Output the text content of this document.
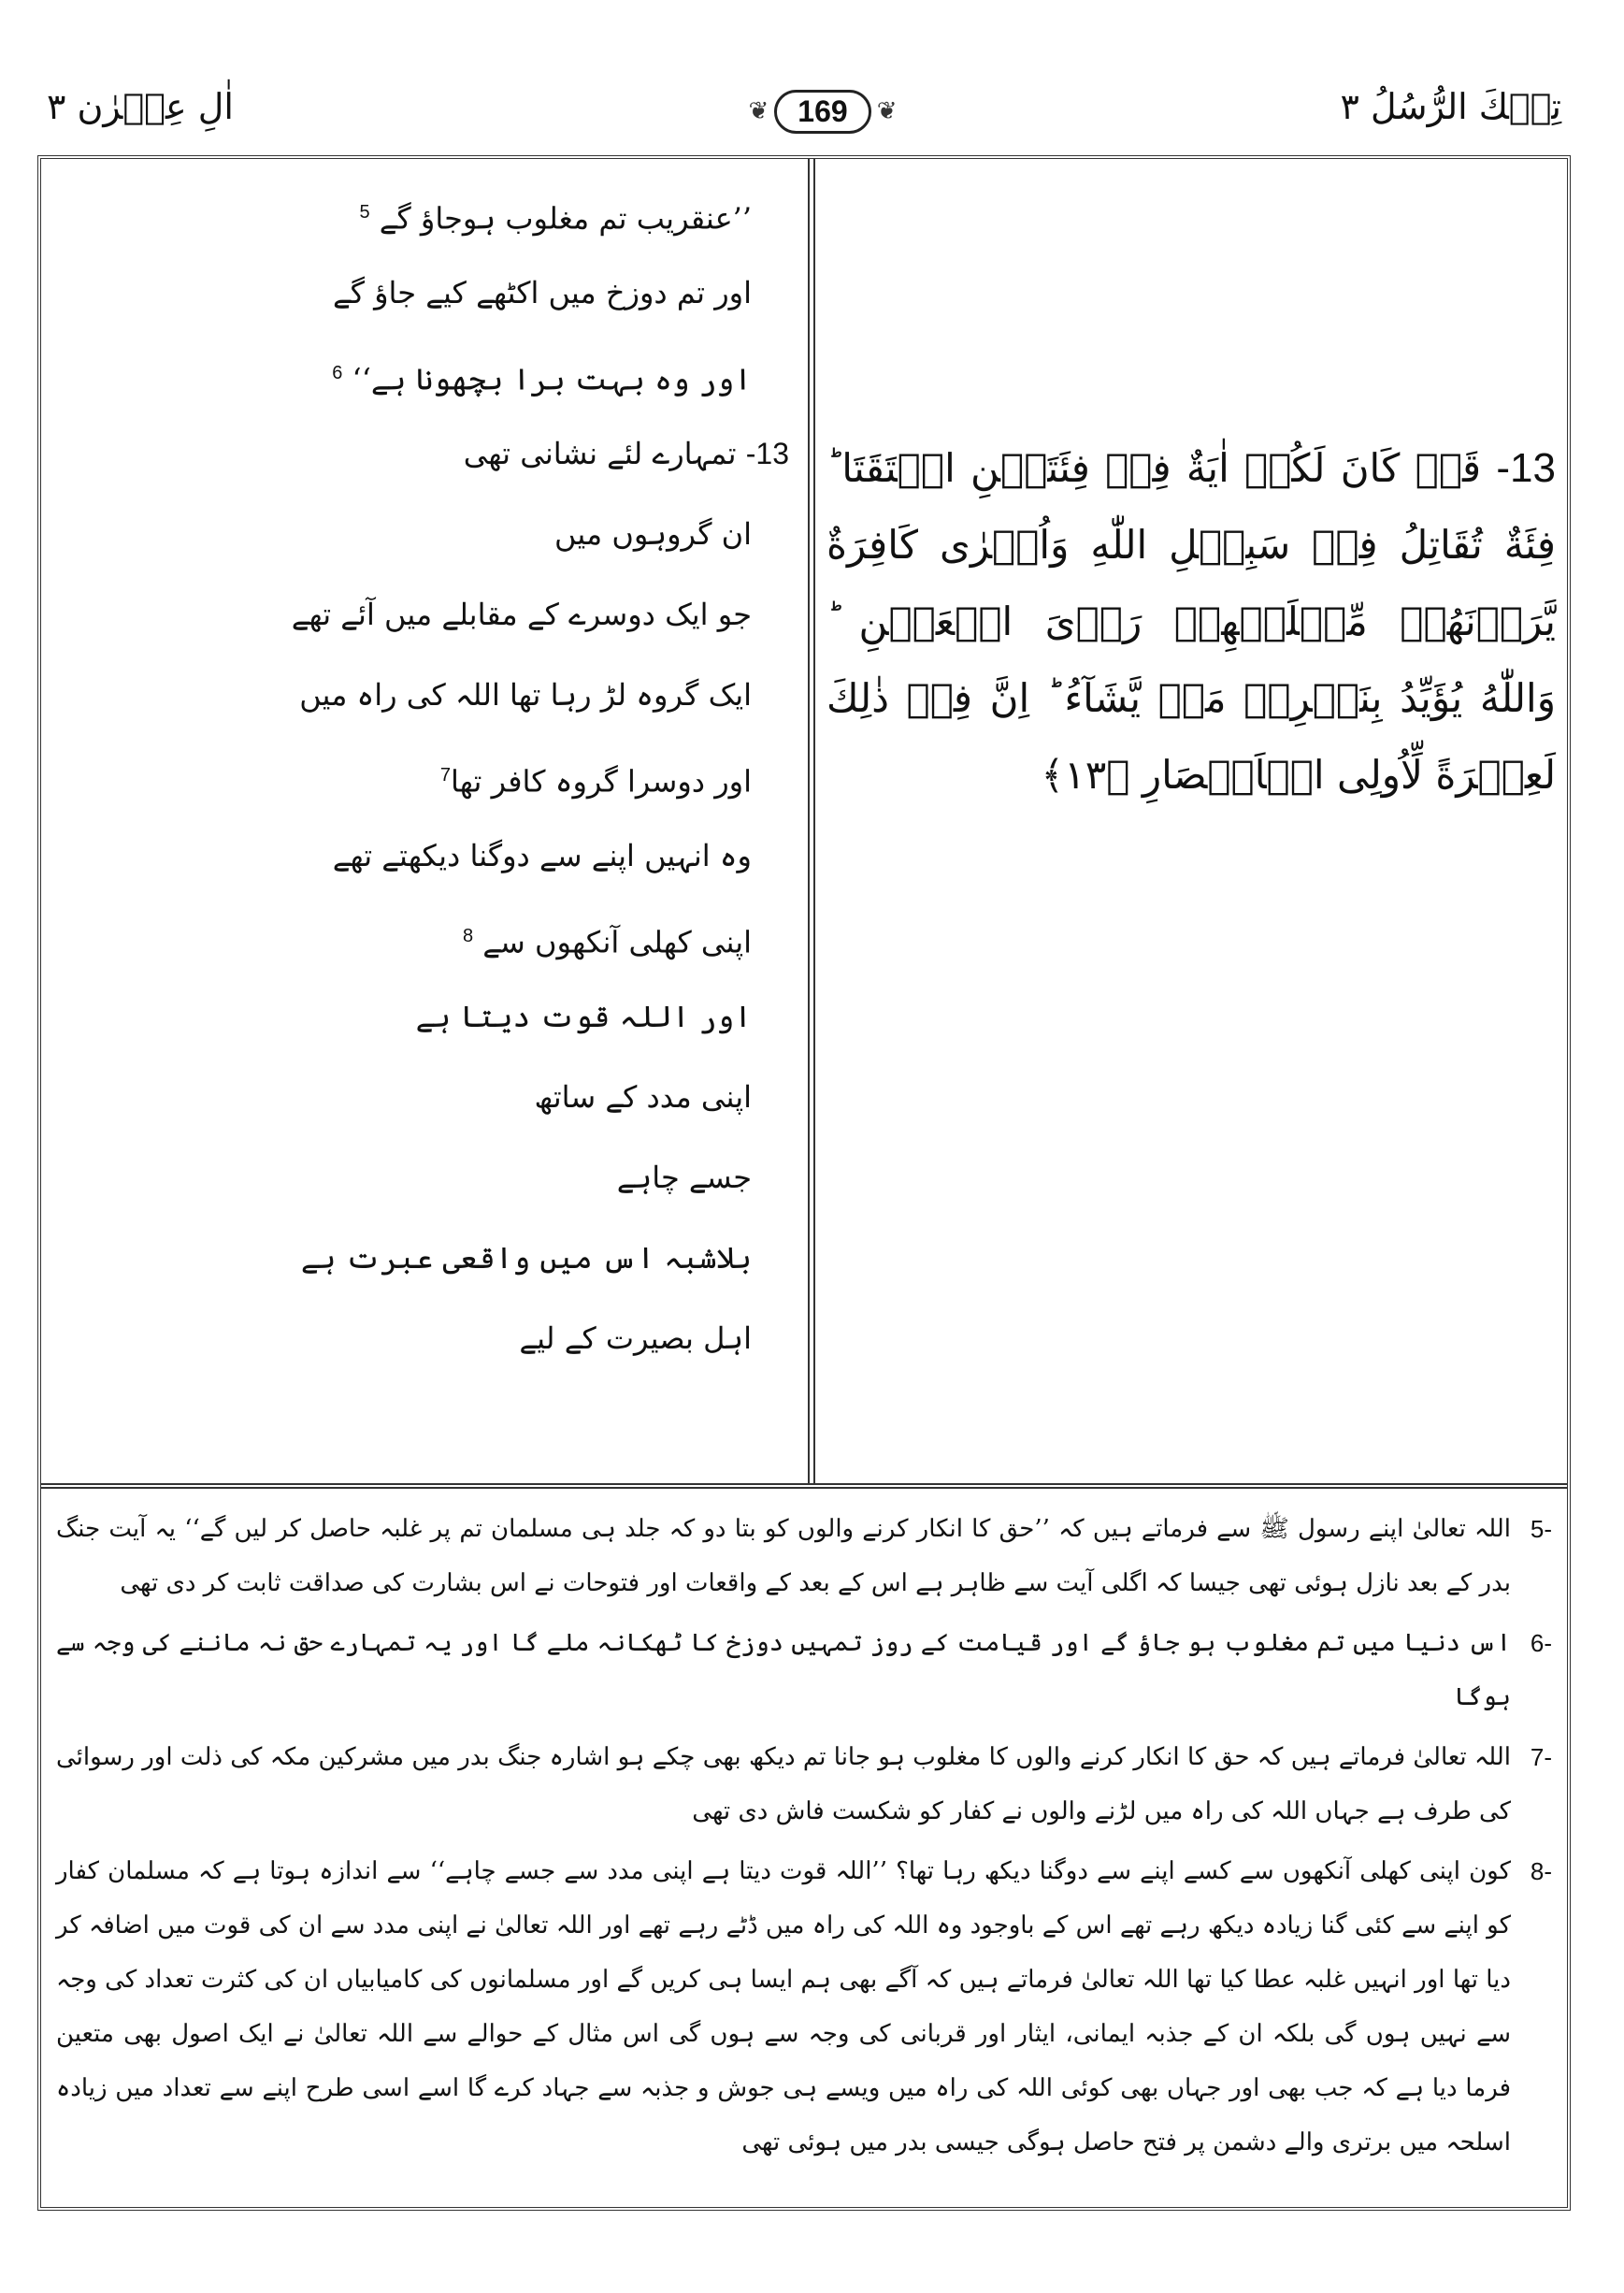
تِلۡكَ الرُّسُلُ ۳
❦ 169	❦
اٰلِ عِمۡرٰن ۳
13- قَدۡ كَانَ لَكُمۡ اٰيَةٌ فِىۡ فِئَتَيۡنِ الۡتَقَتَا ؕ فِئَةٌ تُقَاتِلُ فِىۡ سَبِيۡلِ اللّٰهِ وَاُخۡرٰى كَافِرَةٌ يَّرَوۡنَهُمۡ مِّثۡلَيۡهِمۡ رَاۡىَ الۡعَيۡنِ ؕ وَاللّٰهُ يُؤَيِّدُ بِنَصۡرِهٖ مَنۡ يَّشَآءُ ؕ اِنَّ فِىۡ ذٰلِكَ لَعِبۡرَةً لِّاُولِى الۡاَبۡصَارِ ﴿۱۳﴾
’’عنقریب تم مغلوب ہوجاؤ گے $^5$
اور تم دوزخ میں اکٹھے کیے جاؤ گے
اور وہ بہت برا بچھونا ہے‘‘ $^6$
13- تمہارے لئے نشانی تھی
ان گروہوں میں
جو ایک دوسرے کے مقابلے میں آئے تھے
ایک گروہ لڑ رہا تھا اللہ کی راہ میں
اور دوسرا گروہ کافر تھا$^7$
وہ انہیں اپنے سے دوگنا دیکھتے تھے
اپنی کھلی آنکھوں سے $^8$
اور اللہ قوت دیتا ہے
اپنی مدد کے ساتھ
جسے چاہے
بلاشبہ اس میں واقعی عبرت ہے
اہل بصیرت کے لیے
-5
اللہ تعالیٰ اپنے رسول ﷺ سے فرماتے ہیں کہ ’’حق کا انکار کرنے والوں کو بتا دو کہ جلد ہی مسلمان تم پر غلبہ حاصل کر لیں گے‘‘ یہ آیت جنگ بدر کے بعد نازل ہوئی تھی جیسا کہ اگلی آیت سے ظاہر ہے اس کے بعد کے واقعات اور فتوحات نے اس بشارت کی صداقت ثابت کر دی تھی
-6
اس دنیا میں تم مغلوب ہو جاؤ گے اور قیامت کے روز تمہیں دوزخ کا ٹھکانہ ملے گا اور یہ تمہارے حق نہ ماننے کی وجہ سے ہوگا
-7
اللہ تعالیٰ فرماتے ہیں کہ حق کا انکار کرنے والوں کا مغلوب ہو جانا تم دیکھ بھی چکے ہو اشارہ جنگ بدر میں مشرکین مکہ کی ذلت اور رسوائی کی طرف ہے جہاں اللہ کی راہ میں لڑنے والوں نے کفار کو شکست فاش دی تھی
-8
کون اپنی کھلی آنکھوں سے کسے اپنے سے دوگنا دیکھ رہا تھا؟ ’’اللہ قوت دیتا ہے اپنی مدد سے جسے چاہے‘‘ سے اندازہ ہوتا ہے کہ مسلمان کفار کو اپنے سے کئی گنا زیادہ دیکھ رہے تھے اس کے باوجود وہ اللہ کی راہ میں ڈٹے رہے تھے اور اللہ تعالیٰ نے اپنی مدد سے ان کی قوت میں اضافہ کر دیا تھا اور انہیں غلبہ عطا کیا تھا اللہ تعالیٰ فرماتے ہیں کہ آگے بھی ہم ایسا ہی کریں گے اور مسلمانوں کی کامیابیاں ان کی کثرت تعداد کی وجہ سے نہیں ہوں گی بلکہ ان کے جذبہ ایمانی، ایثار اور قربانی کی وجہ سے ہوں گی اس مثال کے حوالے سے اللہ تعالیٰ نے ایک اصول بھی متعین فرما دیا ہے کہ جب بھی اور جہاں بھی کوئی اللہ کی راہ میں ویسے ہی جوش و جذبہ سے جہاد کرے گا اسے اسی طرح اپنے سے تعداد میں زیادہ اسلحہ میں برتری والے دشمن پر فتح حاصل ہوگی جیسی بدر میں ہوئی تھی
